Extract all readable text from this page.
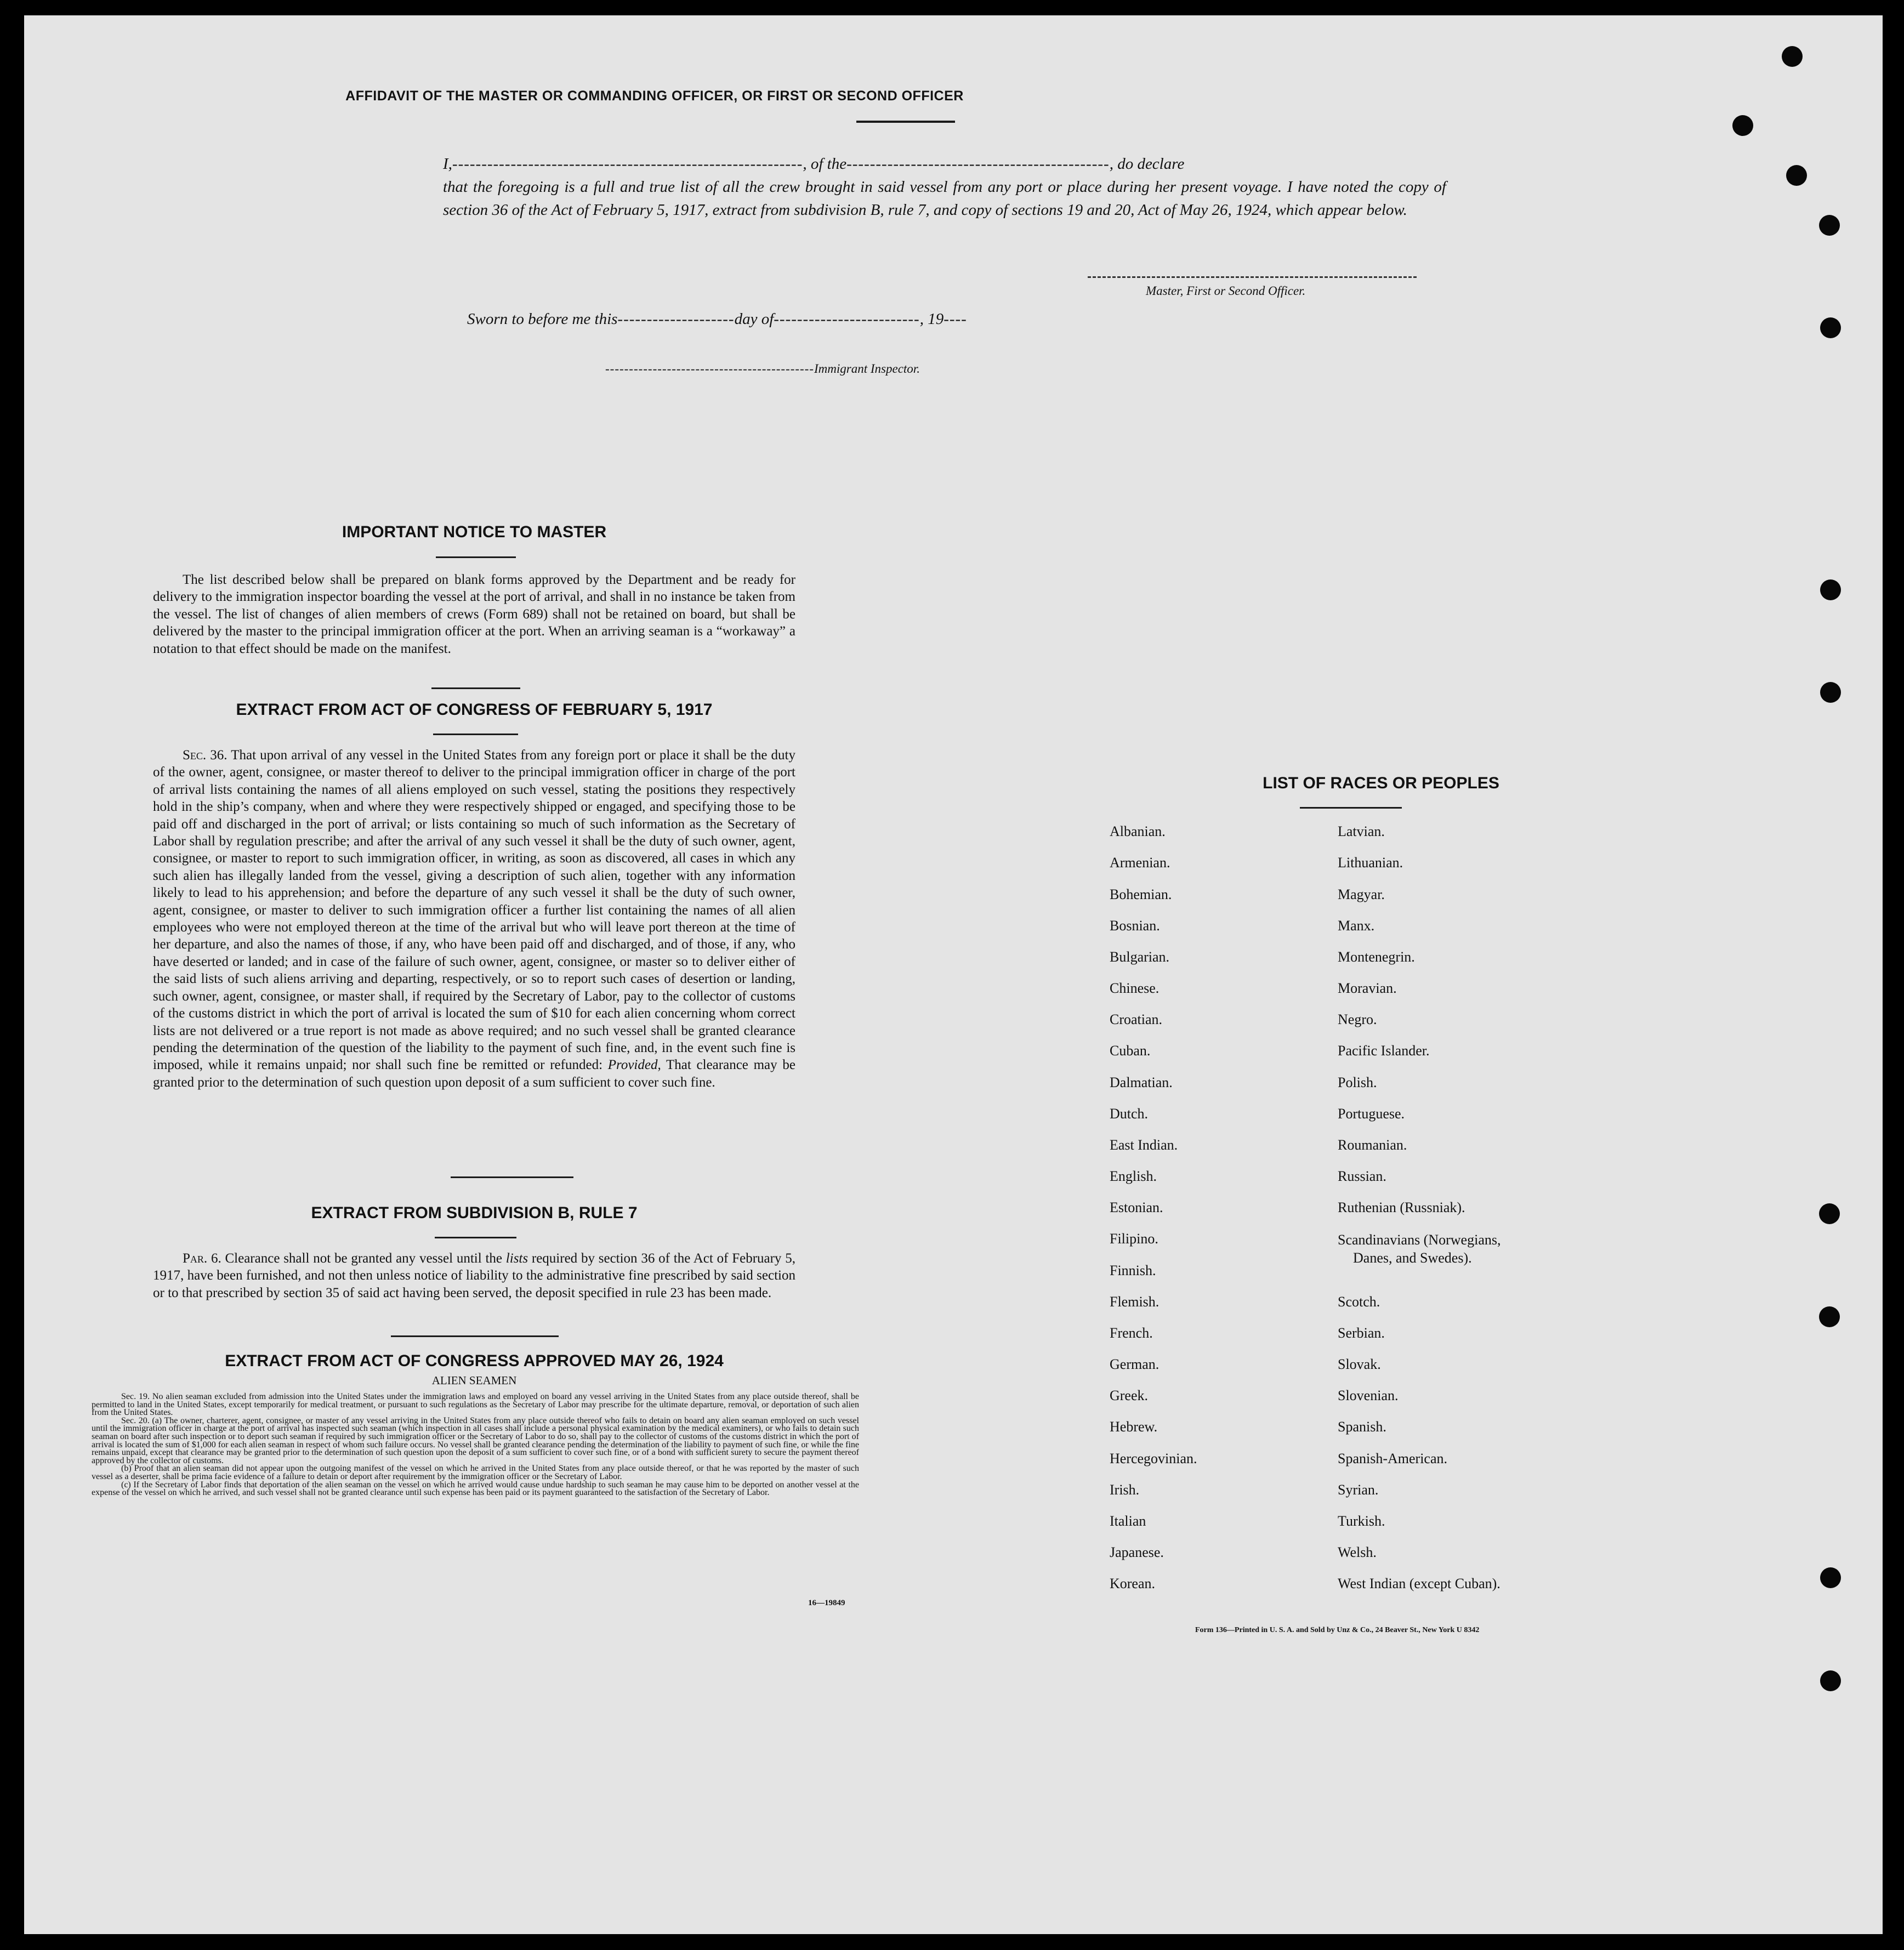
AFFIDAVIT OF THE MASTER OR COMMANDING OFFICER, OR FIRST OR SECOND OFFICER
I,------------------------------------------------------------, of the---------------------------------------------, do declare
that the foregoing is a full and true list of all the crew brought in said vessel from any port or place during her present voyage. I have noted the copy of section 36 of the Act of February 5, 1917, extract from subdivision B, rule 7, and copy of sections 19 and 20, Act of May 26, 1924, which appear below.
Master, First or Second Officer.
Sworn to before me this--------------------day of-------------------------, 19----
--------------------------------------------Immigrant Inspector.
IMPORTANT NOTICE TO MASTER
The list described below shall be prepared on blank forms approved by the Department and be ready for delivery to the immigration inspector boarding the vessel at the port of arrival, and shall in no instance be taken from the vessel. The list of changes of alien members of crews (Form 689) shall not be retained on board, but shall be delivered by the master to the principal immigration officer at the port. When an arriving seaman is a “workaway” a notation to that effect should be made on the manifest.
EXTRACT FROM ACT OF CONGRESS OF FEBRUARY 5, 1917
Sec. 36. That upon arrival of any vessel in the United States from any foreign port or place it shall be the duty of the owner, agent, consignee, or master thereof to deliver to the principal immigration officer in charge of the port of arrival lists containing the names of all aliens employed on such vessel, stating the positions they respectively hold in the ship’s company, when and where they were respectively shipped or engaged, and specifying those to be paid off and discharged in the port of arrival; or lists containing so much of such information as the Secretary of Labor shall by regulation prescribe; and after the arrival of any such vessel it shall be the duty of such owner, agent, consignee, or master to report to such immigration officer, in writing, as soon as discovered, all cases in which any such alien has illegally landed from the vessel, giving a description of such alien, together with any information likely to lead to his apprehension; and before the departure of any such vessel it shall be the duty of such owner, agent, consignee, or master to deliver to such immigration officer a further list containing the names of all alien employees who were not employed thereon at the time of the arrival but who will leave port thereon at the time of her departure, and also the names of those, if any, who have been paid off and discharged, and of those, if any, who have deserted or landed; and in case of the failure of such owner, agent, consignee, or master so to deliver either of the said lists of such aliens arriving and departing, respectively, or so to report such cases of desertion or landing, such owner, agent, consignee, or master shall, if required by the Secretary of Labor, pay to the collector of customs of the customs district in which the port of arrival is located the sum of $10 for each alien concerning whom correct lists are not delivered or a true report is not made as above required; and no such vessel shall be granted clearance pending the determination of the question of the liability to the payment of such fine, and, in the event such fine is imposed, while it remains unpaid; nor shall such fine be remitted or refunded: Provided, That clearance may be granted prior to the determination of such question upon deposit of a sum sufficient to cover such fine.
EXTRACT FROM SUBDIVISION B, RULE 7
Par. 6. Clearance shall not be granted any vessel until the lists required by section 36 of the Act of February 5, 1917, have been furnished, and not then unless notice of liability to the administrative fine prescribed by said section or to that prescribed by section 35 of said act having been served, the deposit specified in rule 23 has been made.
EXTRACT FROM ACT OF CONGRESS APPROVED MAY 26, 1924
ALIEN SEAMEN
Sec. 19. No alien seaman excluded from admission into the United States under the immigration laws and employed on board any vessel arriving in the United States from any place outside thereof, shall be permitted to land in the United States, except temporarily for medical treatment, or pursuant to such regulations as the Secretary of Labor may prescribe for the ultimate departure, removal, or deportation of such alien from the United States.
Sec. 20. (a) The owner, charterer, agent, consignee, or master of any vessel arriving in the United States from any place outside thereof who fails to detain on board any alien seaman employed on such vessel until the immigration officer in charge at the port of arrival has inspected such seaman (which inspection in all cases shall include a personal physical examination by the medical examiners), or who fails to detain such seaman on board after such inspection or to deport such seaman if required by such immigration officer or the Secretary of Labor to do so, shall pay to the collector of customs of the customs district in which the port of arrival is located the sum of $1,000 for each alien seaman in respect of whom such failure occurs. No vessel shall be granted clearance pending the determination of the liability to payment of such fine, or while the fine remains unpaid, except that clearance may be granted prior to the determination of such question upon the deposit of a sum sufficient to cover such fine, or of a bond with sufficient surety to secure the payment thereof approved by the collector of customs.
(b) Proof that an alien seaman did not appear upon the outgoing manifest of the vessel on which he arrived in the United States from any place outside thereof, or that he was reported by the master of such vessel as a deserter, shall be prima facie evidence of a failure to detain or deport after requirement by the immigration officer or the Secretary of Labor.
(c) If the Secretary of Labor finds that deportation of the alien seaman on the vessel on which he arrived would cause undue hardship to such seaman he may cause him to be deported on another vessel at the expense of the vessel on which he arrived, and such vessel shall not be granted clearance until such expense has been paid or its payment guaranteed to the satisfaction of the Secretary of Labor.
16—19849
LIST OF RACES OR PEOPLES
Albanian.
Armenian.
Bohemian.
Bosnian.
Bulgarian.
Chinese.
Croatian.
Cuban.
Dalmatian.
Dutch.
East Indian.
English.
Estonian.
Filipino.
Finnish.
Flemish.
French.
German.
Greek.
Hebrew.
Hercegovinian.
Irish.
Italian
Japanese.
Korean.
Latvian.
Lithuanian.
Magyar.
Manx.
Montenegrin.
Moravian.
Negro.
Pacific Islander.
Polish.
Portuguese.
Roumanian.
Russian.
Ruthenian (Russniak).
Scandinavians (Norwegians,
Danes, and Swedes).
Scotch.
Serbian.
Slovak.
Slovenian.
Spanish.
Spanish-American.
Syrian.
Turkish.
Welsh.
West Indian (except Cuban).
Form 136—Printed in U. S. A. and Sold by Unz & Co., 24 Beaver St., New York U 8342
